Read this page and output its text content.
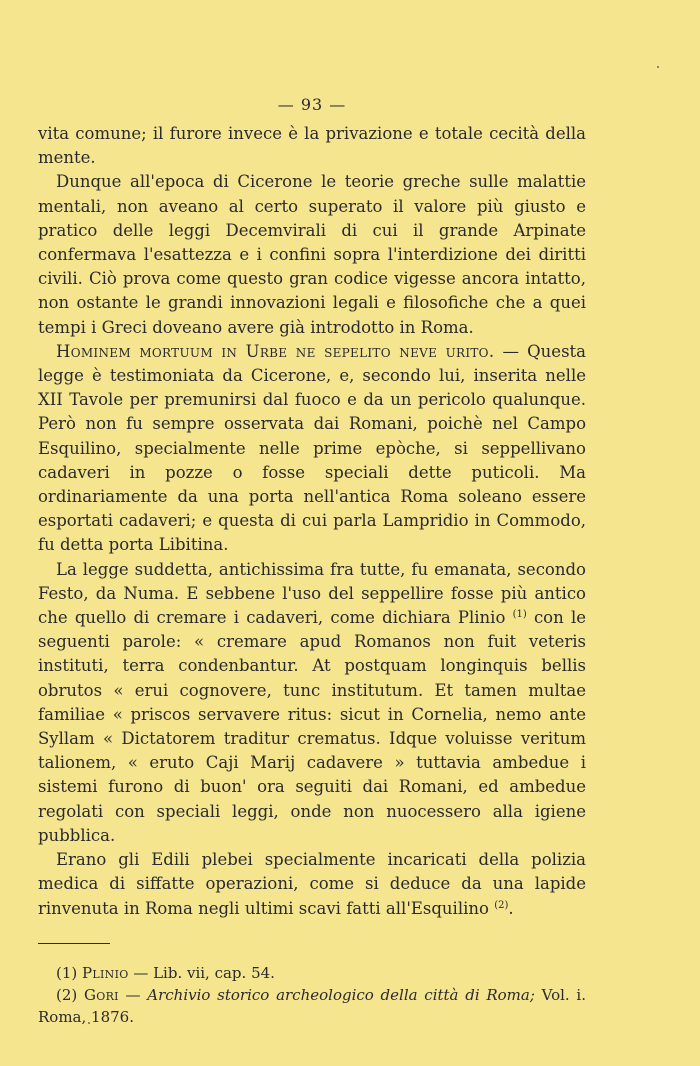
— 93 —

vita comune; il furore invece è la privazione e totale cecità della mente.

Dunque all'epoca di Cicerone le teorie greche sulle malattie mentali, non aveano al certo superato il valore più giusto e pratico delle leggi Decemvirali di cui il grande Arpinate confermava l'esattezza e i confini sopra l'interdizione dei diritti civili. Ciò prova come questo gran codice vigesse ancora intatto, non ostante le grandi innovazioni legali e filosofiche che a quei tempi i Greci doveano avere già introdotto in Roma.

Hominem mortuum in Urbe ne sepelito neve urito. — Questa legge è testimoniata da Cicerone, e, secondo lui, inserita nelle XII Tavole per premunirsi dal fuoco e da un pericolo qualunque. Però non fu sempre osservata dai Romani, poichè nel Campo Esquilino, specialmente nelle prime epòche, si seppellivano cadaveri in pozze o fosse speciali dette puticoli. Ma ordinariamente da una porta nell'antica Roma soleano essere esportati cadaveri; e questa di cui parla Lampridio in Commodo, fu detta porta Libitina.

La legge suddetta, antichissima fra tutte, fu emanata, secondo Festo, da Numa. E sebbene l'uso del seppellire fosse più antico che quello di cremare i cadaveri, come dichiara Plinio $^{(1)}$ con le seguenti parole: « cremare apud Romanos non fuit veteris instituti, terra condenbantur. At postquam longinquis bellis obrutos « erui cognovere, tunc institutum. Et tamen multae familiae « priscos servavere ritus: sicut in Cornelia, nemo ante Syllam « Dictatorem traditur crematus. Idque voluisse veritum talionem, « eruto Caji Marij cadavere » tuttavia ambedue i sistemi furono di buon' ora seguiti dai Romani, ed ambedue regolati con speciali leggi, onde non nuocessero alla igiene pubblica.

Erano gli Edili plebei specialmente incaricati della polizia medica di siffatte operazioni, come si deduce da una lapide rinvenuta in Roma negli ultimi scavi fatti all'Esquilino $^{(2)}$.

(1) Plinio — Lib. vii, cap. 54.

(2) Gori — Archivio storico archeologico della città di Roma; Vol. i. Roma, 1876.
